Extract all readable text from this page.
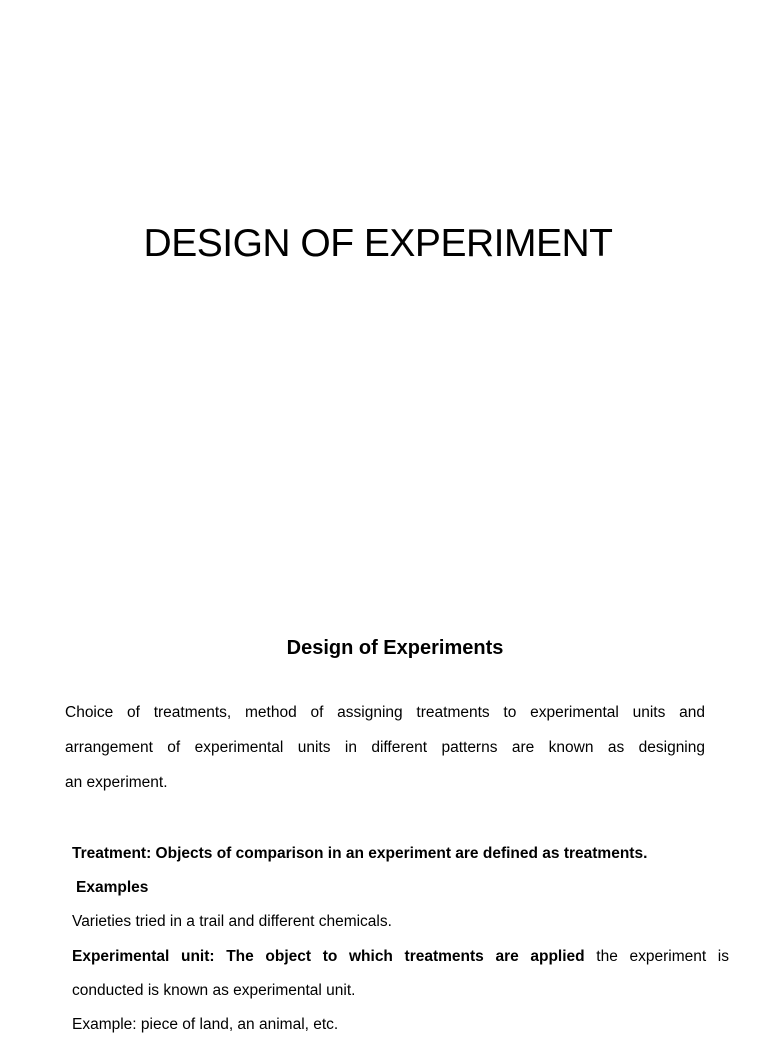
DESIGN OF EXPERIMENT
Design of Experiments
Choice of treatments, method of assigning treatments to experimental units and
arrangement of experimental units in different patterns are known as designing
an experiment.
Treatment: Objects of comparison in an experiment are defined as treatments.
Examples
Varieties tried in a trail and different chemicals.
Experimental unit: The object to which treatments are applied the experiment is
conducted is known as experimental unit.
Example: piece of land, an animal, etc.
